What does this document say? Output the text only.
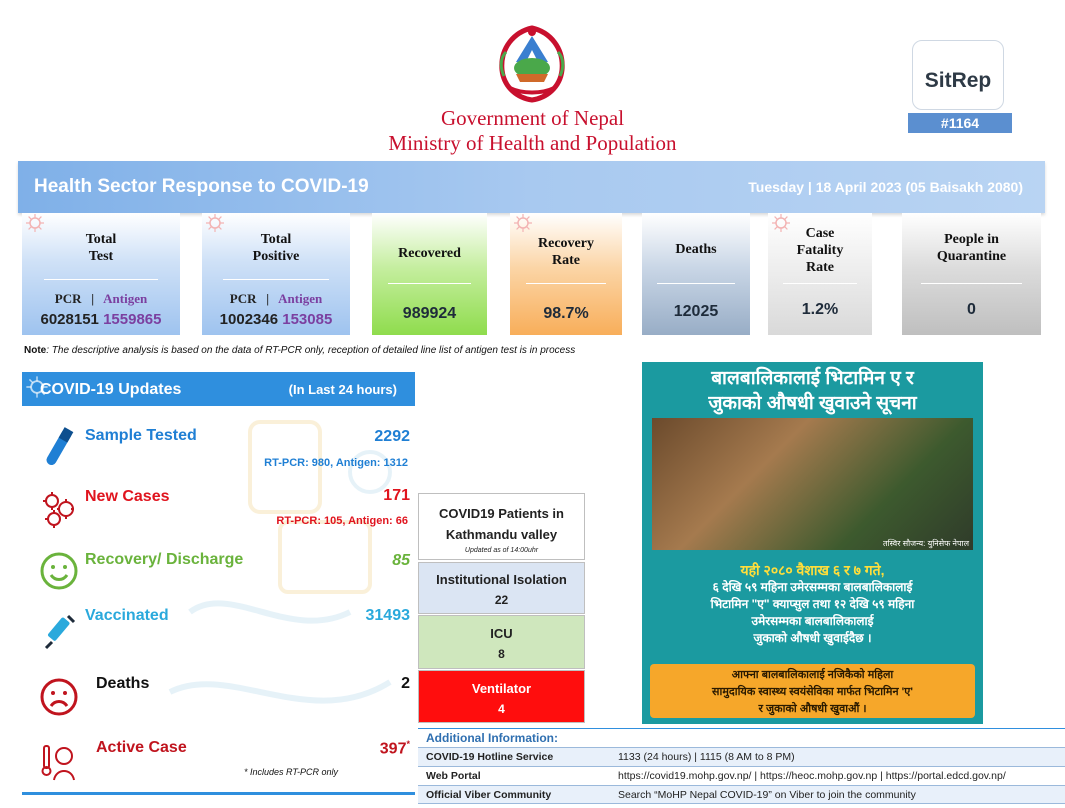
Government of Nepal
Ministry of Health and Population
SitRep
#1164
Health Sector Response to COVID-19	Tuesday | 18 April 2023 (05 Baisakh 2080)
Total
Test
PCR | Antigen
6028151 1559865
Total
Positive
PCR | Antigen
1002346 153085
Recovered
989924
Recovery
Rate
98.7%
Deaths
12025
Case
Fatality
Rate
1.2%
People in
Quarantine
0
Note: The descriptive analysis is based on the data of RT-PCR only, reception of detailed line list of antigen test is in process
COVID-19 Updates	(In Last 24 hours)
Sample Tested	2292
RT-PCR: 980, Antigen: 1312
New Cases	171
RT-PCR: 105, Antigen: 66
Recovery/ Discharge	85
Vaccinated	31493
Deaths	2
Active Case	397*
* Includes RT-PCR only
COVID19 Patients in Kathmandu valley
Updated as of 14:00uhr
Institutional Isolation
22
ICU
8
Ventilator
4
बालबालिकालाई भिटामिन ए र
जुकाको औषधी खुवाउने सूचना
तस्विर सौजन्य: युनिसेफ नेपाल
यही २०८० वैशाख ६ र ७ गते,
६ देखि ५९ महिना उमेरसम्मका बालबालिकालाई
भिटामिन "ए" क्याप्सुल तथा १२ देखि ५९ महिना
उमेरसम्मका बालबालिकालाई
जुकाको औषधी खुवाईदैछ ।
आफ्ना बालबालिकालाई नजिकैको महिला
सामुदायिक स्वास्थ्य स्वयंसेविका मार्फत भिटामिन 'ए'
र जुकाको औषधी खुवाऔं ।
Additional Information:
COVID-19 Hotline Service	1133 (24 hours) | 1115 (8 AM to 8 PM)
Web Portal	https://covid19.mohp.gov.np/ | https://heoc.mohp.gov.np | https://portal.edcd.gov.np/
Official Viber Community	Search “MoHP Nepal COVID-19” on Viber to join the community
